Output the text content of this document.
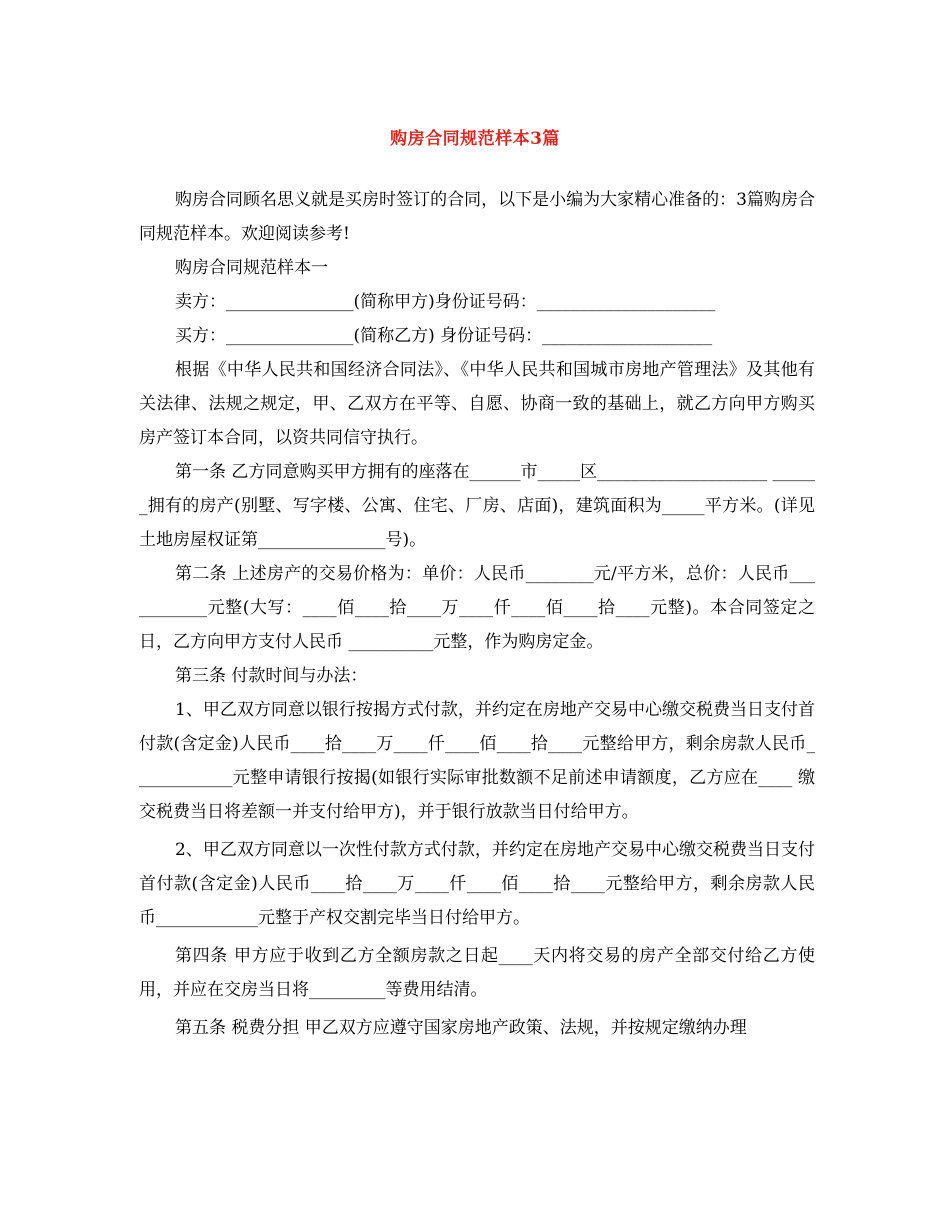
购房合同规范样本3篇

购房合同顾名思义就是买房时签订的合同，以下是小编为大家精心准备的：3篇购房合同规范样本。欢迎阅读参考!

购房合同规范样本一

卖方：_______________(简称甲方)身份证号码：_____________________

买方：_______________(简称乙方) 身份证号码：____________________

根据《中华人民共和国经济合同法》、《中华人民共和国城市房地产管理法》及其他有关法律、法规之规定，甲、乙双方在平等、自愿、协商一致的基础上，就乙方向甲方购买房产签订本合同，以资共同信守执行。

第一条 乙方同意购买甲方拥有的座落在______市_____区____________________ ______拥有的房产(别墅、写字楼、公寓、住宅、厂房、店面)，建筑面积为_____平方米。(详见土地房屋权证第_______________号)。

第二条 上述房产的交易价格为：单价：人民币________元/平方米，总价：人民币___________元整(大写：____佰____拾____万____仟____佰____拾____元整)。本合同签定之日，乙方向甲方支付人民币 __________元整，作为购房定金。

第三条 付款时间与办法：

1、甲乙双方同意以银行按揭方式付款，并约定在房地产交易中心缴交税费当日支付首付款(含定金)人民币____拾____万____仟____佰____拾____元整给甲方，剩余房款人民币____________元整申请银行按揭(如银行实际审批数额不足前述申请额度，乙方应在____ 缴交税费当日将差额一并支付给甲方)，并于银行放款当日付给甲方。

2、甲乙双方同意以一次性付款方式付款，并约定在房地产交易中心缴交税费当日支付首付款(含定金)人民币____拾____万____仟____佰____拾____元整给甲方，剩余房款人民币____________元整于产权交割完毕当日付给甲方。

第四条 甲方应于收到乙方全额房款之日起____天内将交易的房产全部交付给乙方使用，并应在交房当日将_________等费用结清。

第五条 税费分担 甲乙双方应遵守国家房地产政策、法规，并按规定缴纳办理
